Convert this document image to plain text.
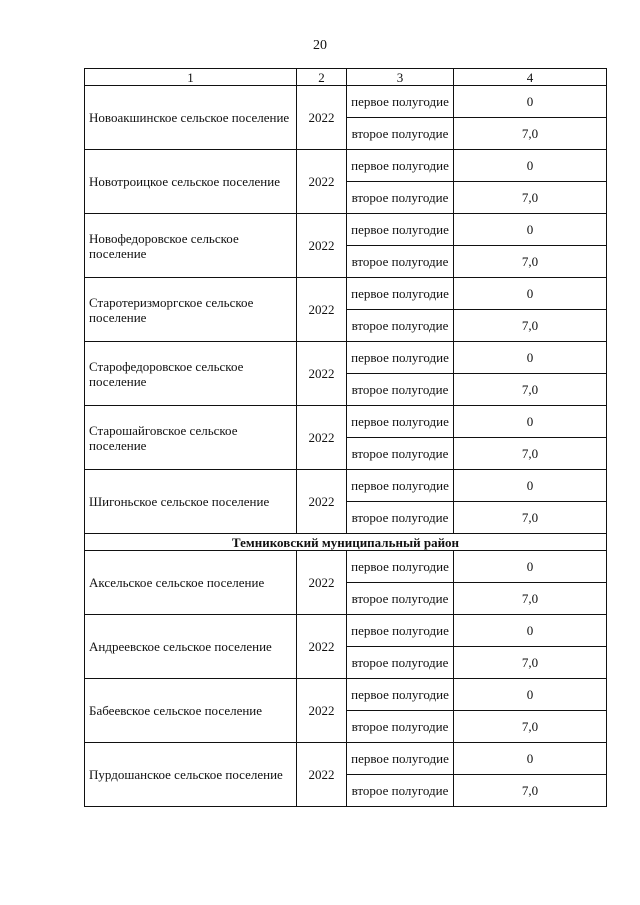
20
1	2	3	4
Новоакшинское сельское поселение	2022	первое полугодие	0
		второе полугодие	7,0
Новотроицкое сельское поселение	2022	первое полугодие	0
		второе полугодие	7,0
Новофедоровское сельское поселение	2022	первое полугодие	0
		второе полугодие	7,0
Старотеризморгское сельское поселение	2022	первое полугодие	0
		второе полугодие	7,0
Старофедоровское сельское поселение	2022	первое полугодие	0
		второе полугодие	7,0
Старошайговское сельское поселение	2022	первое полугодие	0
		второе полугодие	7,0
Шигоньское сельское поселение	2022	первое полугодие	0
		второе полугодие	7,0
Темниковский муниципальный район			
Аксельское сельское поселение	2022	первое полугодие	0
		второе полугодие	7,0
Андреевское сельское поселение	2022	первое полугодие	0
		второе полугодие	7,0
Бабеевское сельское поселение	2022	первое полугодие	0
		второе полугодие	7,0
Пурдошанское сельское поселение	2022	первое полугодие	0
		второе полугодие	7,0
